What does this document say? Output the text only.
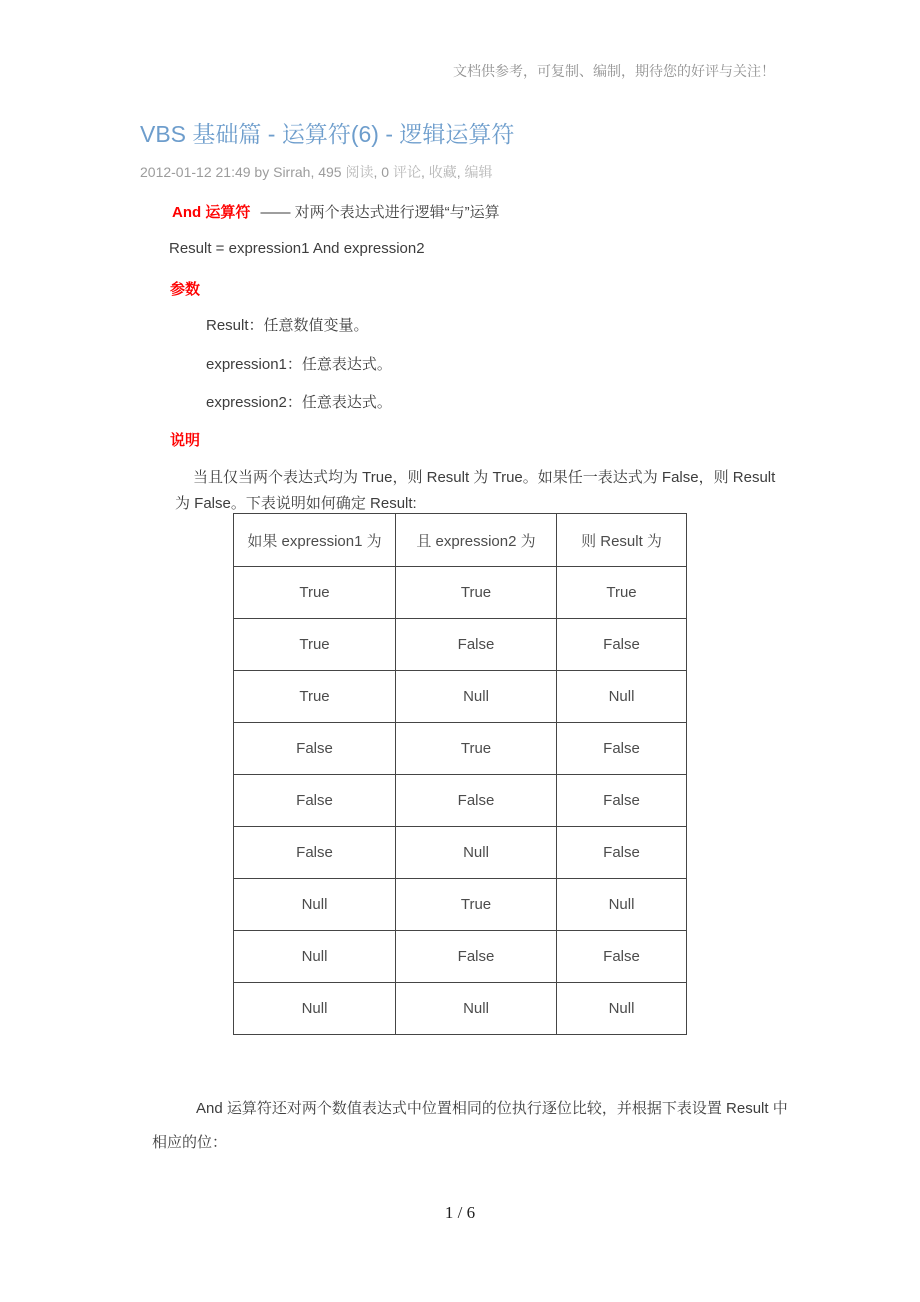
文档供参考，可复制、编制，期待您的好评与关注！
VBS 基础篇 - 运算符(6) - 逻辑运算符
2012-01-12 21:49 by Sirrah, 495 阅读, 0 评论, 收藏, 编辑

And 运算符 —— 对两个表达式进行逻辑“与”运算

Result = expression1 And expression2

参数

Result：任意数值变量。

expression1：任意表达式。

expression2：任意表达式。

说明

当且仅当两个表达式均为 True，则 Result 为 True。如果任一表达式为 False，则 Result 为 False。下表说明如何确定 Result:

如果 expression1 为	且 expression2 为	则 Result 为
True	True	True
True	False	False
True	Null	Null
False	True	False
False	False	False
False	Null	False
Null	True	Null
Null	False	False
Null	Null	Null

And 运算符还对两个数值表达式中位置相同的位执行逐位比较，并根据下表设置 Result 中相应的位：

1 / 6
